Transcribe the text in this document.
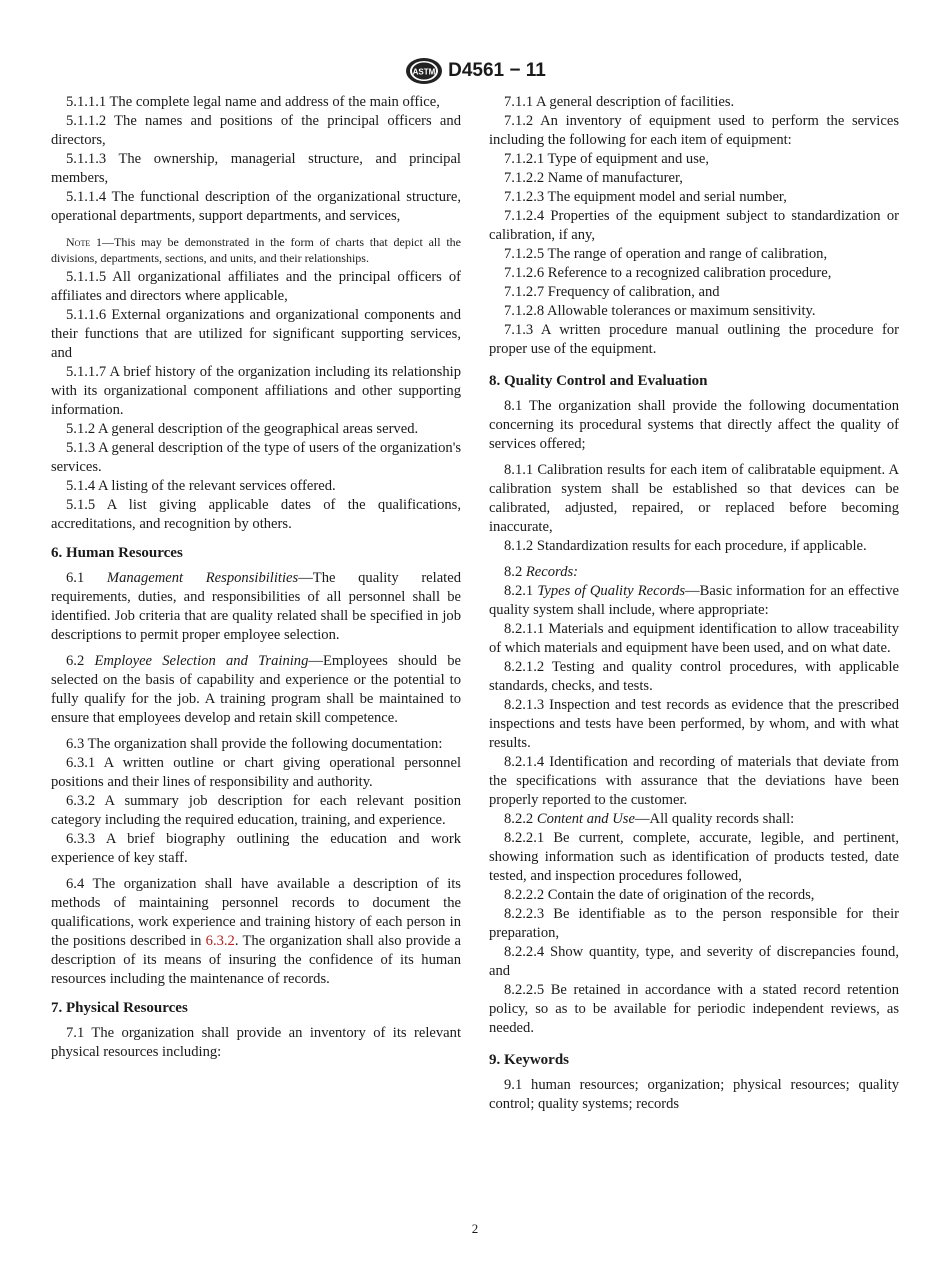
ASTM D4561 − 11

5.1.1.1 The complete legal name and address of the main office,

5.1.1.2 The names and positions of the principal officers and directors,

5.1.1.3 The ownership, managerial structure, and principal members,

5.1.1.4 The functional description of the organizational structure, operational departments, support departments, and services,

Note 1—This may be demonstrated in the form of charts that depict all the divisions, departments, sections, and units, and their relationships.

5.1.1.5 All organizational affiliates and the principal officers of affiliates and directors where applicable,

5.1.1.6 External organizations and organizational components and their functions that are utilized for significant supporting services, and

5.1.1.7 A brief history of the organization including its relationship with its organizational component affiliations and other supporting information.

5.1.2 A general description of the geographical areas served.

5.1.3 A general description of the type of users of the organization's services.

5.1.4 A listing of the relevant services offered.

5.1.5 A list giving applicable dates of the qualifications, accreditations, and recognition by others.

6. Human Resources

6.1 Management Responsibilities—The quality related requirements, duties, and responsibilities of all personnel shall be identified. Job criteria that are quality related shall be specified in job descriptions to permit proper employee selection.

6.2 Employee Selection and Training—Employees should be selected on the basis of capability and experience or the potential to fully qualify for the job. A training program shall be maintained to ensure that employees develop and retain skill competence.

6.3 The organization shall provide the following documentation:

6.3.1 A written outline or chart giving operational personnel positions and their lines of responsibility and authority.

6.3.2 A summary job description for each relevant position category including the required education, training, and experience.

6.3.3 A brief biography outlining the education and work experience of key staff.

6.4 The organization shall have available a description of its methods of maintaining personnel records to document the qualifications, work experience and training history of each person in the positions described in 6.3.2. The organization shall also provide a description of its means of insuring the confidence of its human resources including the maintenance of records.

7. Physical Resources

7.1 The organization shall provide an inventory of its relevant physical resources including:

7.1.1 A general description of facilities.

7.1.2 An inventory of equipment used to perform the services including the following for each item of equipment:

7.1.2.1 Type of equipment and use,

7.1.2.2 Name of manufacturer,

7.1.2.3 The equipment model and serial number,

7.1.2.4 Properties of the equipment subject to standardization or calibration, if any,

7.1.2.5 The range of operation and range of calibration,

7.1.2.6 Reference to a recognized calibration procedure,

7.1.2.7 Frequency of calibration, and

7.1.2.8 Allowable tolerances or maximum sensitivity.

7.1.3 A written procedure manual outlining the procedure for proper use of the equipment.

8. Quality Control and Evaluation

8.1 The organization shall provide the following documentation concerning its procedural systems that directly affect the quality of services offered;

8.1.1 Calibration results for each item of calibratable equipment. A calibration system shall be established so that devices can be calibrated, adjusted, repaired, or replaced before becoming inaccurate,

8.1.2 Standardization results for each procedure, if applicable.

8.2 Records:

8.2.1 Types of Quality Records—Basic information for an effective quality system shall include, where appropriate:

8.2.1.1 Materials and equipment identification to allow traceability of which materials and equipment have been used, and on what date.

8.2.1.2 Testing and quality control procedures, with applicable standards, checks, and tests.

8.2.1.3 Inspection and test records as evidence that the prescribed inspections and tests have been performed, by whom, and with what results.

8.2.1.4 Identification and recording of materials that deviate from the specifications with assurance that the deviations have been properly reported to the customer.

8.2.2 Content and Use—All quality records shall:

8.2.2.1 Be current, complete, accurate, legible, and pertinent, showing information such as identification of products tested, date tested, and inspection procedures followed,

8.2.2.2 Contain the date of origination of the records,

8.2.2.3 Be identifiable as to the person responsible for their preparation,

8.2.2.4 Show quantity, type, and severity of discrepancies found, and

8.2.2.5 Be retained in accordance with a stated record retention policy, so as to be available for periodic independent reviews, as needed.

9. Keywords

9.1 human resources; organization; physical resources; quality control; quality systems; records

2
